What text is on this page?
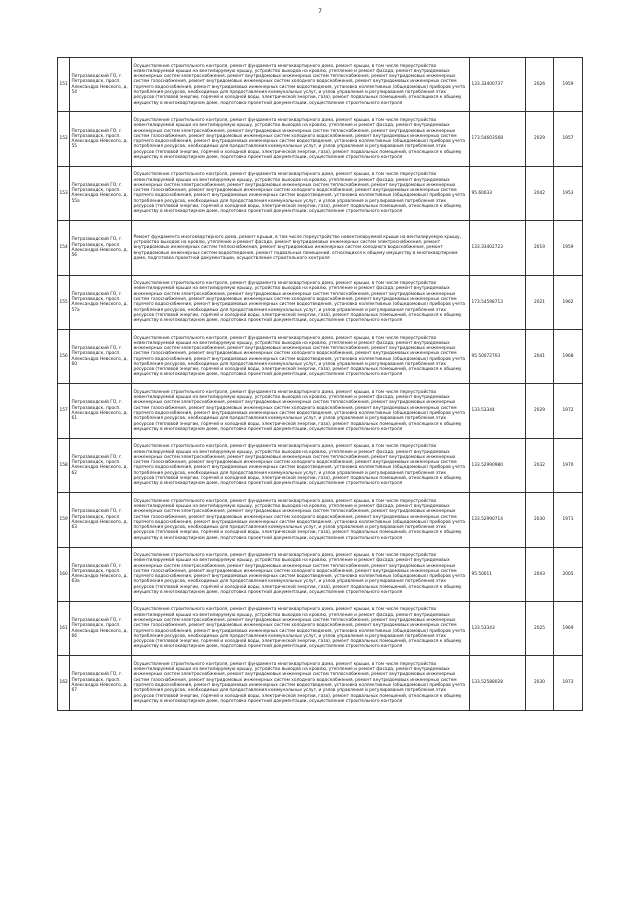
7
151	Петрозаводский ГО, г. Петрозаводск, просп. Александра Невского, д. 54	Осуществление строительного контроля, ремонт фундамента многоквартирного дома, ремонт крыши, в том числе переустройство невентилируемой крыши на вентилируемую крышу, устройство выходов на кровлю, утепление и ремонт фасада, ремонт внутридомовых инженерных систем электроснабжения, ремонт внутридомовых инженерных систем теплоснабжения, ремонт внутридомовых инженерных систем газоснабжения, ремонт внутридомовых инженерных систем холодного водоснабжения, ремонт внутридомовых инженерных систем горячего водоснабжения, ремонт внутридомовых инженерных систем водоотведения, установка коллективных (общедомовых) приборов учета потребления ресурсов, необходимых для предоставления коммунальных услуг, и узлов управления и регулирования потребления этих ресурсов (тепловой энергии, горячей и холодной воды, электрической энергии, газа), ремонт подвальных помещений, относящихся к общему имуществу в многоквартирном доме, подготовка проектной документации, осуществление строительного контроля	133.33400737	2026	1959
152	Петрозаводский ГО, г. Петрозаводск, просп. Александра Невского, д. 55	Осуществление строительного контроля, ремонт фундамента многоквартирного дома, ремонт крыши, в том числе переустройство невентилируемой крыши на вентилируемую крышу, устройство выходов на кровлю, утепление и ремонт фасада, ремонт внутридомовых инженерных систем электроснабжения, ремонт внутридомовых инженерных систем теплоснабжения, ремонт внутридомовых инженерных систем газоснабжения, ремонт внутридомовых инженерных систем холодного водоснабжения, ремонт внутридомовых инженерных систем горячего водоснабжения, ремонт внутридомовых инженерных систем водоотведения, установка коллективных (общедомовых) приборов учета потребления ресурсов, необходимых для предоставления коммунальных услуг, и узлов управления и регулирования потребления этих ресурсов (тепловой энергии, горячей и холодной воды, электрической энергии, газа), ремонт подвальных помещений, относящихся к общему имуществу в многоквартирном доме, подготовка проектной документации, осуществление строительного контроля	173.54603568	2029	1957
153	Петрозаводский ГО, г. Петрозаводск, просп. Александра Невского, д. 55а	Осуществление строительного контроля, ремонт фундамента многоквартирного дома, ремонт крыши, в том числе переустройство невентилируемой крыши на вентилируемую крышу, устройство выходов на кровлю, утепление и ремонт фасада, ремонт внутридомовых инженерных систем электроснабжения, ремонт внутридомовых инженерных систем теплоснабжения, ремонт внутридомовых инженерных систем газоснабжения, ремонт внутридомовых инженерных систем холодного водоснабжения, ремонт внутридомовых инженерных систем горячего водоснабжения, ремонт внутридомовых инженерных систем водоотведения, установка коллективных (общедомовых) приборов учета потребления ресурсов, необходимых для предоставления коммунальных услуг, и узлов управления и регулирования потребления этих ресурсов (тепловой энергии, горячей и холодной воды, электрической энергии, газа), ремонт подвальных помещений, относящихся к общему имуществу в многоквартирном доме, подготовка проектной документации, осуществление строительного контроля	95.60033	2042	1953
154	Петрозаводский ГО, г. Петрозаводск, просп. Александра Невского, д. 56	Ремонт фундамента многоквартирного дома, ремонт крыши, в том числе переустройство невентилируемой крыши на вентилируемую крышу, устройство выходов на кровлю, утепление и ремонт фасада, ремонт внутридомовых инженерных систем электроснабжения, ремонт внутридомовых инженерных систем теплоснабжения, ремонт внутридомовых инженерных систем холодного водоснабжения, ремонт внутридомовых инженерных систем водоотведения, ремонт подвальных помещений, относящихся к общему имуществу в многоквартирном доме, подготовка проектной документации, осуществление строительного контроля	133.33402723	2019	1959
155	Петрозаводский ГО, г. Петрозаводск, просп. Александра Невского, д. 57а	Осуществление строительного контроля, ремонт фундамента многоквартирного дома, ремонт крыши, в том числе переустройство невентилируемой крыши на вентилируемую крышу, устройство выходов на кровлю, утепление и ремонт фасада, ремонт внутридомовых инженерных систем электроснабжения, ремонт внутридомовых инженерных систем теплоснабжения, ремонт внутридомовых инженерных систем газоснабжения, ремонт внутридомовых инженерных систем холодного водоснабжения, ремонт внутридомовых инженерных систем горячего водоснабжения, ремонт внутридомовых инженерных систем водоотведения, установка коллективных (общедомовых) приборов учета потребления ресурсов, необходимых для предоставления коммунальных услуг, и узлов управления и регулирования потребления этих ресурсов (тепловой энергии, горячей и холодной воды, электрической энергии, газа), ремонт подвальных помещений, относящихся к общему имуществу в многоквартирном доме, подготовка проектной документации, осуществление строительного контроля	173.54598713	2021	1962
156	Петрозаводский ГО, г. Петрозаводск, просп. Александра Невского, д. 60	Осуществление строительного контроля, ремонт фундамента многоквартирного дома, ремонт крыши, в том числе переустройство невентилируемой крыши на вентилируемую крышу, устройство выходов на кровлю, утепление и ремонт фасада, ремонт внутридомовых инженерных систем электроснабжения, ремонт внутридомовых инженерных систем теплоснабжения, ремонт внутридомовых инженерных систем газоснабжения, ремонт внутридомовых инженерных систем холодного водоснабжения, ремонт внутридомовых инженерных систем горячего водоснабжения, ремонт внутридомовых инженерных систем водоотведения, установка коллективных (общедомовых) приборов учета потребления ресурсов, необходимых для предоставления коммунальных услуг, и узлов управления и регулирования потребления этих ресурсов (тепловой энергии, горячей и холодной воды, электрической энергии, газа), ремонт подвальных помещений, относящихся к общему имуществу в многоквартирном доме, подготовка проектной документации, осуществление строительного контроля	95.50072703	2041	1968
157	Петрозаводский ГО, г. Петрозаводск, просп. Александра Невского, д. 61	Осуществление строительного контроля, ремонт фундамента многоквартирного дома, ремонт крыши, в том числе переустройство невентилируемой крыши на вентилируемую крышу, устройство выходов на кровлю, утепление и ремонт фасада, ремонт внутридомовых инженерных систем электроснабжения, ремонт внутридомовых инженерных систем теплоснабжения, ремонт внутридомовых инженерных систем газоснабжения, ремонт внутридомовых инженерных систем холодного водоснабжения, ремонт внутридомовых инженерных систем горячего водоснабжения, ремонт внутридомовых инженерных систем водоотведения, установка коллективных (общедомовых) приборов учета потребления ресурсов, необходимых для предоставления коммунальных услуг, и узлов управления и регулирования потребления этих ресурсов (тепловой энергии, горячей и холодной воды, электрической энергии, газа), ремонт подвальных помещений, относящихся к общему имуществу в многоквартирном доме, подготовка проектной документации, осуществление строительного контроля	133.53344	2029	1972
158	Петрозаводский ГО, г. Петрозаводск, просп. Александра Невского, д. 62	Осуществление строительного контроля, ремонт фундамента многоквартирного дома, ремонт крыши, в том числе переустройство невентилируемой крыши на вентилируемую крышу, устройство выходов на кровлю, утепление и ремонт фасада, ремонт внутридомовых инженерных систем электроснабжения, ремонт внутридомовых инженерных систем теплоснабжения, ремонт внутридомовых инженерных систем газоснабжения, ремонт внутридомовых инженерных систем холодного водоснабжения, ремонт внутридомовых инженерных систем горячего водоснабжения, ремонт внутридомовых инженерных систем водоотведения, установка коллективных (общедомовых) приборов учета потребления ресурсов, необходимых для предоставления коммунальных услуг, и узлов управления и регулирования потребления этих ресурсов (тепловой энергии, горячей и холодной воды, электрической энергии, газа), ремонт подвальных помещений, относящихся к общему имуществу в многоквартирном доме, подготовка проектной документации, осуществление строительного контроля	133.52990980	2032	1970
159	Петрозаводский ГО, г. Петрозаводск, просп. Александра Невского, д. 63	Осуществление строительного контроля, ремонт фундамента многоквартирного дома, ремонт крыши, в том числе переустройство невентилируемой крыши на вентилируемую крышу, устройство выходов на кровлю, утепление и ремонт фасада, ремонт внутридомовых инженерных систем электроснабжения, ремонт внутридомовых инженерных систем теплоснабжения, ремонт внутридомовых инженерных систем газоснабжения, ремонт внутридомовых инженерных систем холодного водоснабжения, ремонт внутридомовых инженерных систем горячего водоснабжения, ремонт внутридомовых инженерных систем водоотведения, установка коллективных (общедомовых) приборов учета потребления ресурсов, необходимых для предоставления коммунальных услуг, и узлов управления и регулирования потребления этих ресурсов (тепловой энергии, горячей и холодной воды, электрической энергии, газа), ремонт подвальных помещений, относящихся к общему имуществу в многоквартирном доме, подготовка проектной документации, осуществление строительного контроля	133.52990714	2030	1971
160	Петрозаводский ГО, г. Петрозаводск, просп. Александра Невского, д. 63а	Осуществление строительного контроля, ремонт фундамента многоквартирного дома, ремонт крыши, в том числе переустройство невентилируемой крыши на вентилируемую крышу, устройство выходов на кровлю, утепление и ремонт фасада, ремонт внутридомовых инженерных систем электроснабжения, ремонт внутридомовых инженерных систем теплоснабжения, ремонт внутридомовых инженерных систем газоснабжения, ремонт внутридомовых инженерных систем холодного водоснабжения, ремонт внутридомовых инженерных систем горячего водоснабжения, ремонт внутридомовых инженерных систем водоотведения, установка коллективных (общедомовых) приборов учета потребления ресурсов, необходимых для предоставления коммунальных услуг, и узлов управления и регулирования потребления этих ресурсов (тепловой энергии, горячей и холодной воды, электрической энергии, газа), ремонт подвальных помещений, относящихся к общему имуществу в многоквартирном доме, подготовка проектной документации, осуществление строительного контроля	95.50011	2043	2005
161	Петрозаводский ГО, г. Петрозаводск, просп. Александра Невского, д. 66	Осуществление строительного контроля, ремонт фундамента многоквартирного дома, ремонт крыши, в том числе переустройство невентилируемой крыши на вентилируемую крышу, устройство выходов на кровлю, утепление и ремонт фасада, ремонт внутридомовых инженерных систем электроснабжения, ремонт внутридомовых инженерных систем теплоснабжения, ремонт внутридомовых инженерных систем газоснабжения, ремонт внутридомовых инженерных систем холодного водоснабжения, ремонт внутридомовых инженерных систем горячего водоснабжения, ремонт внутридомовых инженерных систем водоотведения, установка коллективных (общедомовых) приборов учета потребления ресурсов, необходимых для предоставления коммунальных услуг, и узлов управления и регулирования потребления этих ресурсов (тепловой энергии, горячей и холодной воды, электрической энергии, газа), ремонт подвальных помещений, относящихся к общему имуществу в многоквартирном доме, подготовка проектной документации, осуществление строительного контроля	133.53343	2025	1969
162	Петрозаводский ГО, г. Петрозаводск, просп. Александра Невского, д. 67	Осуществление строительного контроля, ремонт фундамента многоквартирного дома, ремонт крыши, в том числе переустройство невентилируемой крыши на вентилируемую крышу, устройство выходов на кровлю, утепление и ремонт фасада, ремонт внутридомовых инженерных систем электроснабжения, ремонт внутридомовых инженерных систем теплоснабжения, ремонт внутридомовых инженерных систем газоснабжения, ремонт внутридомовых инженерных систем холодного водоснабжения, ремонт внутридомовых инженерных систем горячего водоснабжения, ремонт внутридомовых инженерных систем водоотведения, установка коллективных (общедомовых) приборов учета потребления ресурсов, необходимых для предоставления коммунальных услуг, и узлов управления и регулирования потребления этих ресурсов (тепловой энергии, горячей и холодной воды, электрической энергии, газа), ремонт подвальных помещений, относящихся к общему имуществу в многоквартирном доме, подготовка проектной документации, осуществление строительного контроля	133.52588028	2030	1973
